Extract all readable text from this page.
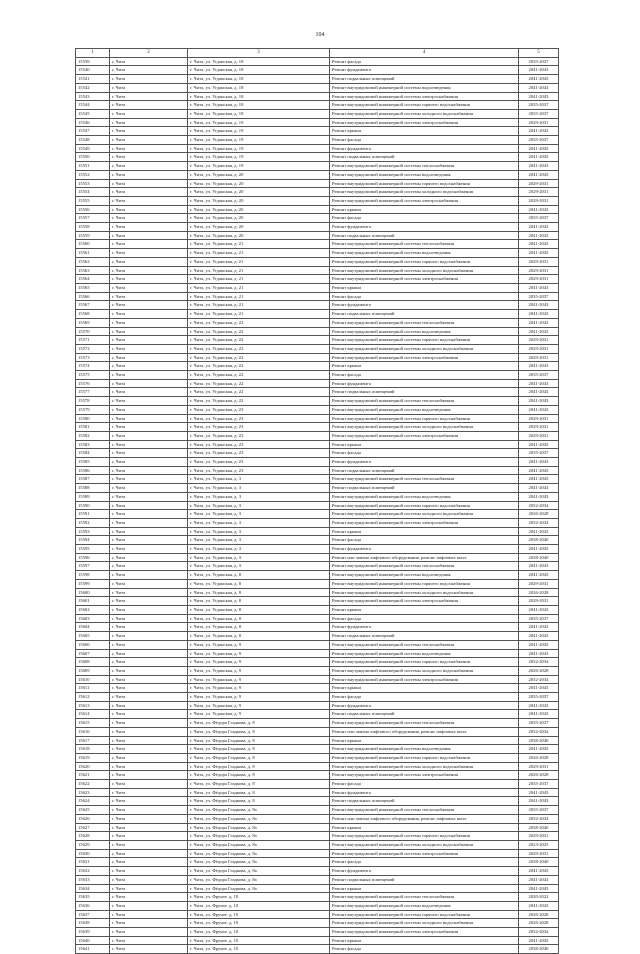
104
1	2	3	4	5
15539	г. Чита	г. Чита, ул. Угданская, д. 18	Ремонт фасада	2035-2037
15540	г. Чита	г. Чита, ул. Угданская, д. 18	Ремонт фундамента	2041-2043
15541	г. Чита	г. Чита, ул. Угданская, д. 18	Ремонт подвальных помещений	2041-2043
15542	г. Чита	г. Чита, ул. Угданская, д. 18	Ремонт внутридомовой инженерной системы водоотведения	2041-2043
15543	г. Чита	г. Чита, ул. Угданская, д. 18	Ремонт внутридомовой инженерной системы электроснабжения	2041-2043
15544	г. Чита	г. Чита, ул. Угданская, д. 18	Ремонт внутридомовой инженерной системы горячего водоснабжения	2035-2037
15545	г. Чита	г. Чита, ул. Угданская, д. 18	Ремонт внутридомовой инженерной системы холодного водоснабжения	2035-2037
15546	г. Чита	г. Чита, ул. Угданская, д. 19	Ремонт внутридомовой инженерной системы электроснабжения	2029-2031
15547	г. Чита	г. Чита, ул. Угданская, д. 19	Ремонт крыши	2041-2043
15548	г. Чита	г. Чита, ул. Угданская, д. 19	Ремонт фасада	2035-2037
15549	г. Чита	г. Чита, ул. Угданская, д. 19	Ремонт фундамента	2041-2043
15550	г. Чита	г. Чита, ул. Угданская, д. 19	Ремонт подвальных помещений	2041-2043
15551	г. Чита	г. Чита, ул. Угданская, д. 19	Ремонт внутридомовой инженерной системы теплоснабжения	2041-2043
15552	г. Чита	г. Чита, ул. Угданская, д. 20	Ремонт внутридомовой инженерной системы водоотведения	2041-2043
15553	г. Чита	г. Чита, ул. Угданская, д. 20	Ремонт внутридомовой инженерной системы горячего водоснабжения	2029-2031
15554	г. Чита	г. Чита, ул. Угданская, д. 20	Ремонт внутридомовой инженерной системы холодного водоснабжения	2029-2031
15555	г. Чита	г. Чита, ул. Угданская, д. 20	Ремонт внутридомовой инженерной системы электроснабжения	2029-2031
15556	г. Чита	г. Чита, ул. Угданская, д. 20	Ремонт крыши	2041-2043
15557	г. Чита	г. Чита, ул. Угданская, д. 20	Ремонт фасада	2035-2037
15558	г. Чита	г. Чита, ул. Угданская, д. 20	Ремонт фундамента	2041-2043
15559	г. Чита	г. Чита, ул. Угданская, д. 20	Ремонт подвальных помещений	2041-2043
15560	г. Чита	г. Чита, ул. Угданская, д. 21	Ремонт внутридомовой инженерной системы теплоснабжения	2041-2043
15561	г. Чита	г. Чита, ул. Угданская, д. 21	Ремонт внутридомовой инженерной системы водоотведения	2041-2043
15562	г. Чита	г. Чита, ул. Угданская, д. 21	Ремонт внутридомовой инженерной системы горячего водоснабжения	2029-2031
15563	г. Чита	г. Чита, ул. Угданская, д. 21	Ремонт внутридомовой инженерной системы холодного водоснабжения	2029-2031
15564	г. Чита	г. Чита, ул. Угданская, д. 21	Ремонт внутридомовой инженерной системы электроснабжения	2029-2031
15565	г. Чита	г. Чита, ул. Угданская, д. 21	Ремонт крыши	2041-2043
15566	г. Чита	г. Чита, ул. Угданская, д. 21	Ремонт фасада	2035-2037
15567	г. Чита	г. Чита, ул. Угданская, д. 21	Ремонт фундамента	2041-2043
15568	г. Чита	г. Чита, ул. Угданская, д. 21	Ремонт подвальных помещений	2041-2043
15569	г. Чита	г. Чита, ул. Угданская, д. 22	Ремонт внутридомовой инженерной системы теплоснабжения	2041-2043
15570	г. Чита	г. Чита, ул. Угданская, д. 22	Ремонт внутридомовой инженерной системы водоотведения	2041-2043
15571	г. Чита	г. Чита, ул. Угданская, д. 22	Ремонт внутридомовой инженерной системы горячего водоснабжения	2029-2031
15572	г. Чита	г. Чита, ул. Угданская, д. 22	Ремонт внутридомовой инженерной системы холодного водоснабжения	2029-2031
15573	г. Чита	г. Чита, ул. Угданская, д. 22	Ремонт внутридомовой инженерной системы электроснабжения	2029-2031
15574	г. Чита	г. Чита, ул. Угданская, д. 22	Ремонт крыши	2041-2043
15575	г. Чита	г. Чита, ул. Угданская, д. 22	Ремонт фасада	2035-2037
15576	г. Чита	г. Чита, ул. Угданская, д. 22	Ремонт фундамента	2041-2043
15577	г. Чита	г. Чита, ул. Угданская, д. 22	Ремонт подвальных помещений	2041-2043
15578	г. Чита	г. Чита, ул. Угданская, д. 22	Ремонт внутридомовой инженерной системы теплоснабжения	2041-2043
15579	г. Чита	г. Чита, ул. Угданская, д. 23	Ремонт внутридомовой инженерной системы водоотведения	2041-2043
15580	г. Чита	г. Чита, ул. Угданская, д. 23	Ремонт внутридомовой инженерной системы горячего водоснабжения	2029-2031
15581	г. Чита	г. Чита, ул. Угданская, д. 23	Ремонт внутридомовой инженерной системы холодного водоснабжения	2029-2031
15582	г. Чита	г. Чита, ул. Угданская, д. 23	Ремонт внутридомовой инженерной системы электроснабжения	2029-2031
15583	г. Чита	г. Чита, ул. Угданская, д. 23	Ремонт крыши	2041-2043
15584	г. Чита	г. Чита, ул. Угданская, д. 23	Ремонт фасада	2035-2037
15585	г. Чита	г. Чита, ул. Угданская, д. 23	Ремонт фундамента	2041-2043
15586	г. Чита	г. Чита, ул. Угданская, д. 23	Ремонт подвальных помещений	2041-2043
15587	г. Чита	г. Чита, ул. Угданская, д. 3	Ремонт внутридомовой инженерной системы теплоснабжения	2041-2043
15588	г. Чита	г. Чита, ул. Угданская, д. 3	Ремонт подвальных помещений	2041-2043
15589	г. Чита	г. Чита, ул. Угданская, д. 3	Ремонт внутридомовой инженерной системы водоотведения	2041-2043
15590	г. Чита	г. Чита, ул. Угданская, д. 3	Ремонт внутридомовой инженерной системы горячего водоснабжения	2032-2034
15591	г. Чита	г. Чита, ул. Угданская, д. 3	Ремонт внутридомовой инженерной системы холодного водоснабжения	2026-2028
15592	г. Чита	г. Чита, ул. Угданская, д. 3	Ремонт внутридомовой инженерной системы электроснабжения	2032-2034
15593	г. Чита	г. Чита, ул. Угданская, д. 3	Ремонт крыши	2041-2043
15594	г. Чита	г. Чита, ул. Угданская, д. 3	Ремонт фасада	2038-2040
15595	г. Чита	г. Чита, ул. Угданская, д. 3	Ремонт фундамента	2041-2043
15596	г. Чита	г. Чита, ул. Угданская, д. 3	Ремонт или замена лифтового оборудования, ремонт лифтовых шахт	2038-2040
15597	г. Чита	г. Чита, ул. Угданская, д. 3	Ремонт внутридомовой инженерной системы теплоснабжения	2041-2043
15598	г. Чита	г. Чита, ул. Угданская, д. 8	Ремонт внутридомовой инженерной системы водоотведения	2041-2043
15599	г. Чита	г. Чита, ул. Угданская, д. 8	Ремонт внутридомовой инженерной системы горячего водоснабжения	2029-2031
15600	г. Чита	г. Чита, ул. Угданская, д. 8	Ремонт внутридомовой инженерной системы холодного водоснабжения	2026-2028
15601	г. Чита	г. Чита, ул. Угданская, д. 8	Ремонт внутридомовой инженерной системы электроснабжения	2029-2031
15602	г. Чита	г. Чита, ул. Угданская, д. 8	Ремонт крыши	2041-2043
15603	г. Чита	г. Чита, ул. Угданская, д. 8	Ремонт фасада	2035-2037
15604	г. Чита	г. Чита, ул. Угданская, д. 8	Ремонт фундамента	2041-2043
15605	г. Чита	г. Чита, ул. Угданская, д. 8	Ремонт подвальных помещений	2041-2043
15606	г. Чита	г. Чита, ул. Угданская, д. 9	Ремонт внутридомовой инженерной системы теплоснабжения	2041-2043
15607	г. Чита	г. Чита, ул. Угданская, д. 9	Ремонт внутридомовой инженерной системы водоотведения	2041-2043
15608	г. Чита	г. Чита, ул. Угданская, д. 9	Ремонт внутридомовой инженерной системы горячего водоснабжения	2032-2034
15609	г. Чита	г. Чита, ул. Угданская, д. 9	Ремонт внутридомовой инженерной системы холодного водоснабжения	2026-2028
15610	г. Чита	г. Чита, ул. Угданская, д. 9	Ремонт внутридомовой инженерной системы электроснабжения	2032-2034
15611	г. Чита	г. Чита, ул. Угданская, д. 9	Ремонт крыши	2041-2043
15612	г. Чита	г. Чита, ул. Угданская, д. 9	Ремонт фасада	2035-2037
15613	г. Чита	г. Чита, ул. Угданская, д. 9	Ремонт фундамента	2041-2043
15614	г. Чита	г. Чита, ул. Угданская, д. 9	Ремонт подвальных помещений	2041-2043
15615	г. Чита	г. Чита, ул. Фёдора Гладкова, д. 8	Ремонт внутридомовой инженерной системы теплоснабжения	2035-2037
15616	г. Чита	г. Чита, ул. Фёдора Гладкова, д. 8	Ремонт или замена лифтового оборудования, ремонт лифтовых шахт	2032-2034
15617	г. Чита	г. Чита, ул. Фёдора Гладкова, д. 8	Ремонт крыши	2038-2040
15618	г. Чита	г. Чита, ул. Фёдора Гладкова, д. 8	Ремонт внутридомовой инженерной системы водоотведения	2041-2043
15619	г. Чита	г. Чита, ул. Фёдора Гладкова, д. 8	Ремонт внутридомовой инженерной системы горячего водоснабжения	2026-2028
15620	г. Чита	г. Чита, ул. Фёдора Гладкова, д. 8	Ремонт внутридомовой инженерной системы холодного водоснабжения	2029-2031
15621	г. Чита	г. Чита, ул. Фёдора Гладкова, д. 8	Ремонт внутридомовой инженерной системы электроснабжения	2026-2028
15622	г. Чита	г. Чита, ул. Фёдора Гладкова, д. 8	Ремонт фасада	2035-2037
15623	г. Чита	г. Чита, ул. Фёдора Гладкова, д. 8	Ремонт фундамента	2041-2043
15624	г. Чита	г. Чита, ул. Фёдора Гладкова, д. 8	Ремонт подвальных помещений	2041-2043
15625	г. Чита	г. Чита, ул. Фёдора Гладкова, д. 8а	Ремонт внутридомовой инженерной системы теплоснабжения	2035-2037
15626	г. Чита	г. Чита, ул. Фёдора Гладкова, д. 8а	Ремонт или замена лифтового оборудования, ремонт лифтовых шахт	2032-2034
15627	г. Чита	г. Чита, ул. Фёдора Гладкова, д. 8а	Ремонт крыши	2038-2040
15628	г. Чита	г. Чита, ул. Фёдора Гладкова, д. 8а	Ремонт внутридомовой инженерной системы горячего водоснабжения	2029-2031
15629	г. Чита	г. Чита, ул. Фёдора Гладкова, д. 8а	Ремонт внутридомовой инженерной системы холодного водоснабжения	2023-2025
15630	г. Чита	г. Чита, ул. Фёдора Гладкова, д. 8а	Ремонт внутридомовой инженерной системы электроснабжения	2029-2031
15631	г. Чита	г. Чита, ул. Фёдора Гладкова, д. 8а	Ремонт фасада	2038-2040
15632	г. Чита	г. Чита, ул. Фёдора Гладкова, д. 8а	Ремонт фундамента	2041-2043
15633	г. Чита	г. Чита, ул. Фёдора Гладкова, д. 8а	Ремонт подвальных помещений	2041-2043
15634	г. Чита	г. Чита, ул. Фёдора Гладкова, д. 8а	Ремонт крыши	2041-2043
15635	г. Чита	г. Чита, ул. Фрунзе, д. 10	Ремонт внутридомовой инженерной системы теплоснабжения	2020-2022
15636	г. Чита	г. Чита, ул. Фрунзе, д. 10	Ремонт внутридомовой инженерной системы водоотведения	2041-2043
15637	г. Чита	г. Чита, ул. Фрунзе, д. 10	Ремонт внутридомовой инженерной системы горячего водоснабжения	2026-2028
15638	г. Чита	г. Чита, ул. Фрунзе, д. 10	Ремонт внутридомовой инженерной системы холодного водоснабжения	2026-2028
15639	г. Чита	г. Чита, ул. Фрунзе, д. 10	Ремонт внутридомовой инженерной системы электроснабжения	2032-2034
15640	г. Чита	г. Чита, ул. Фрунзе, д. 10	Ремонт крыши	2041-2043
15641	г. Чита	г. Чита, ул. Фрунзе, д. 10	Ремонт фасада	2038-2040
